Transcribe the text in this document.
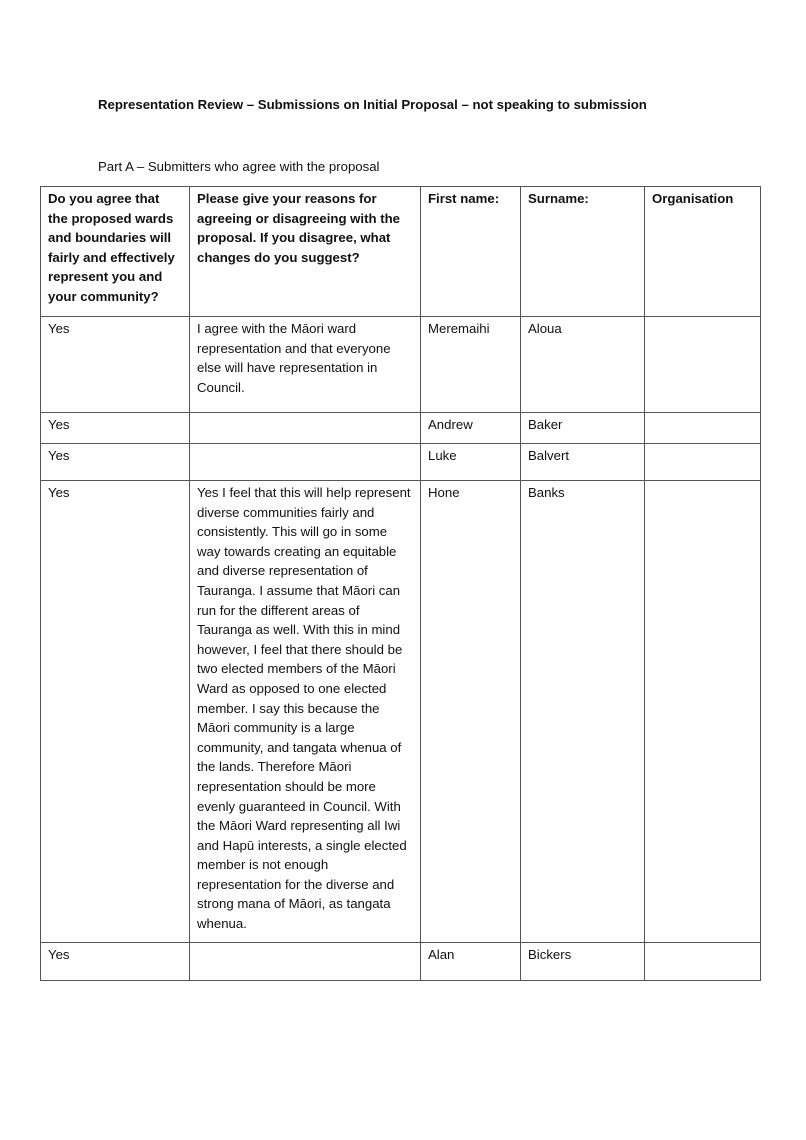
Representation Review – Submissions on Initial Proposal – not speaking to submission
Part A – Submitters who agree with the proposal
Do you agree that the proposed wards and boundaries will fairly and effectively represent you and your community?	Please give your reasons for agreeing or disagreeing with the proposal. If you disagree, what changes do you suggest?	First name:	Surname:	Organisation
Yes	I agree with the Māori ward representation and that everyone else will have representation in Council.	Meremaihi	Aloua	
Yes		Andrew	Baker	
Yes		Luke	Balvert	
Yes	Yes I feel that this will help represent diverse communities fairly and consistently. This will go in some way towards creating an equitable and diverse representation of Tauranga. I assume that Māori can run for the different areas of Tauranga as well. With this in mind however, I feel that there should be two elected members of the Māori Ward as opposed to one elected member. I say this because the Māori community is a large community, and tangata whenua of the lands. Therefore Māori representation should be more evenly guaranteed in Council. With the Māori Ward representing all Iwi and Hapū interests, a single elected member is not enough representation for the diverse and strong mana of Māori, as tangata whenua.	Hone	Banks	
Yes		Alan	Bickers	
